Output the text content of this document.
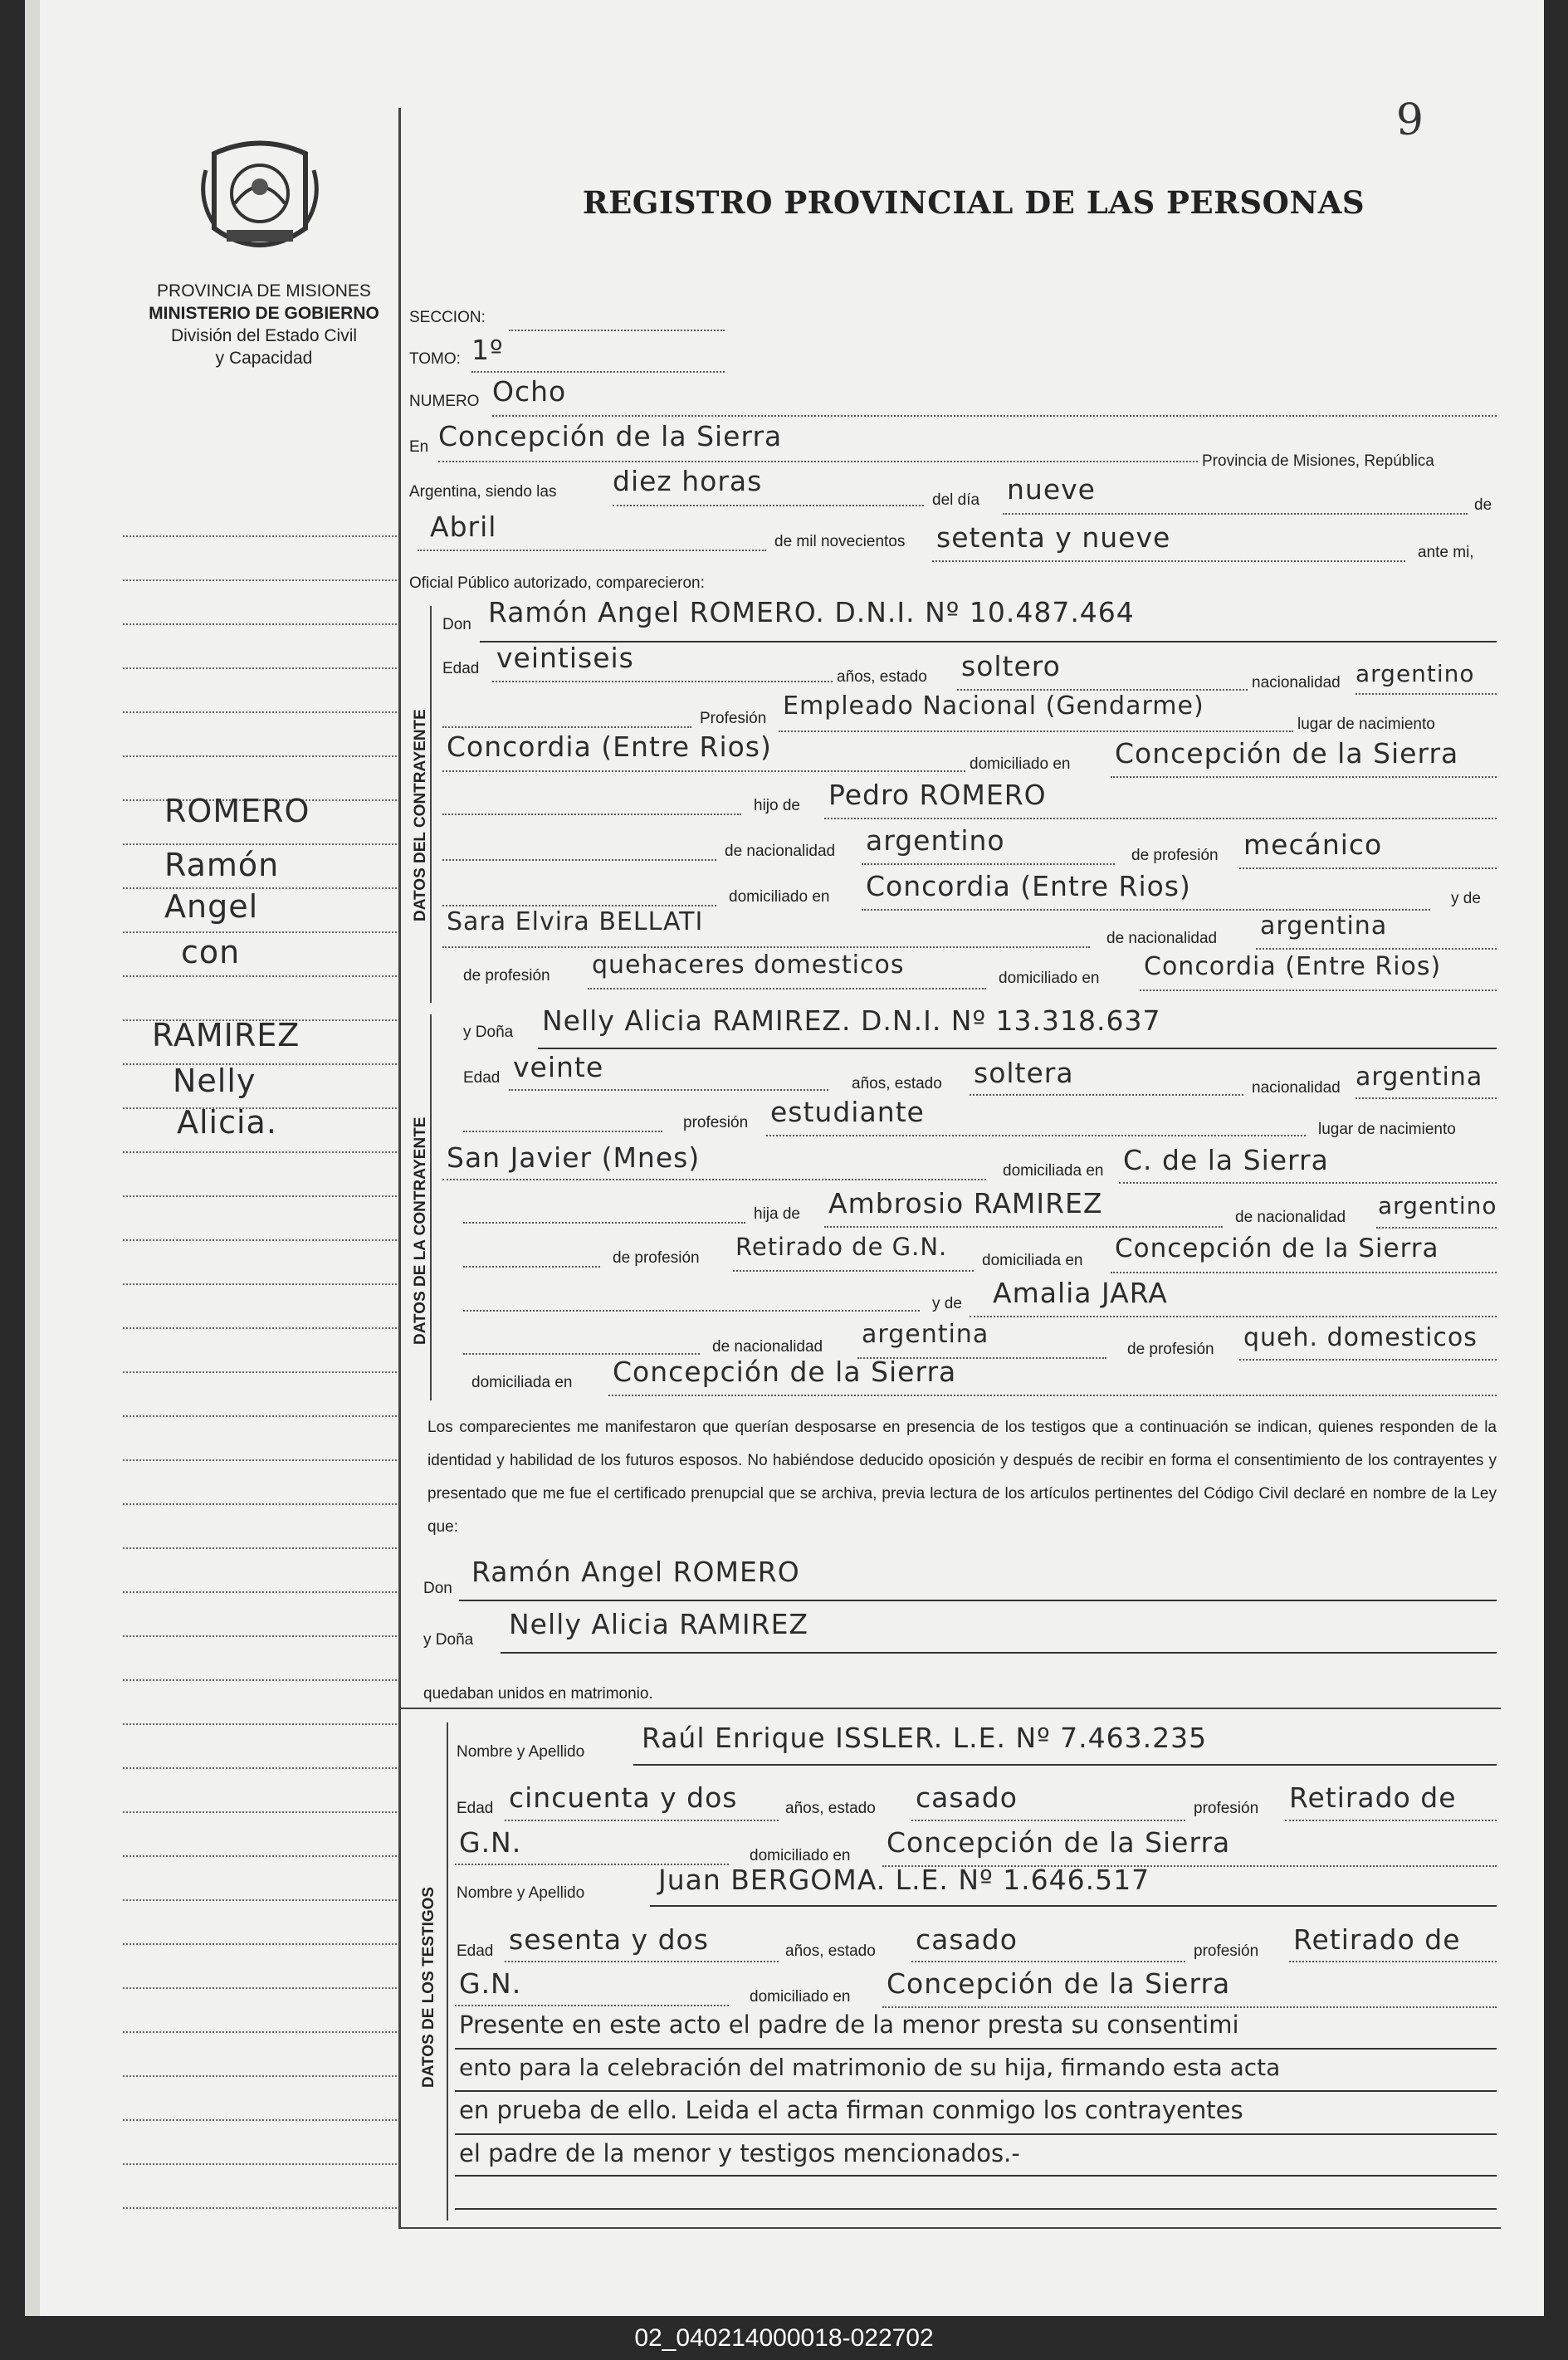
9
PROVINCIA DE MISIONES
MINISTERIO DE GOBIERNO
División del Estado Civil
y Capacidad
REGISTRO PROVINCIAL DE LAS PERSONAS
ROMERO
Ramón
Angel
con
RAMIREZ
Nelly
Alicia.
SECCION:
TOMO: 1º
NUMERO Ocho
En Concepción de la Sierra
Provincia de Misiones, República
Argentina, siendo las diez horas
del día nueve	de
Abril	de mil novecientos setenta y nueve	ante mi,
Oficial Público autorizado, comparecieron:
DATOS DEL CONTRAYENTE
Don Ramón Angel ROMERO. D.N.I. Nº 10.487.464
Edad veintiseis
años, estado soltero
nacionalidad argentino
Profesión Empleado Nacional (Gendarme)
lugar de nacimiento
Concordia (Entre Rios)
domiciliado en Concepción de la Sierra
hijo de Pedro ROMERO
de nacionalidad argentino	de profesión mecánico
domiciliado en Concordia (Entre Rios)	y de
Sara Elvira BELLATI
de nacionalidad argentina
de profesión quehaceres domesticos	domiciliado en Concordia (Entre Rios)
DATOS DE LA CONTRAYENTE
y Doña Nelly Alicia RAMIREZ. D.N.I. Nº 13.318.637
Edad veinte
años, estado soltera	nacionalidad argentina
profesión estudiante
lugar de nacimiento
San Javier (Mnes)	domiciliada en C. de la Sierra
hija de Ambrosio RAMIREZ	de nacionalidad argentino
de profesión Retirado de G.N. domiciliada en Concepción de la Sierra
y de Amalia JARA
de nacionalidad argentina
de profesión queh. domesticos
domiciliada en Concepción de la Sierra
Los comparecientes me manifestaron que querían desposarse en presencia de los testigos que a continuación se indican, quienes responden de la identidad y habilidad de los futuros esposos. No habiéndose deducido oposición y después de recibir en forma el consentimiento de los contrayentes y presentado que me fue el certificado prenupcial que se archiva, previa lectura de los artículos pertinentes del Código Civil declaré en nombre de la Ley que:
Don
Ramón Angel ROMERO
y Doña Nelly Alicia RAMIREZ
quedaban unidos en matrimonio.
DATOS DE LOS TESTIGOS
Nombre y Apellido Raúl Enrique ISSLER. L.E. Nº 7.463.235
Edad cincuenta y dos	años, estado casado	profesión Retirado de
G.N.	domiciliado en Concepción de la Sierra
Nombre y Apellido	Juan BERGOMA. L.E. Nº 1.646.517
Edad sesenta y dos	años, estado casado	profesión Retirado de
G.N.	domiciliado en Concepción de la Sierra
Presente en este acto el padre de la menor presta su consentimi
ento para la celebración del matrimonio de su hija, firmando esta acta
en prueba de ello. Leida el acta firman conmigo los contrayentes
el padre de la menor y testigos mencionados.-
02_040214000018-022702
